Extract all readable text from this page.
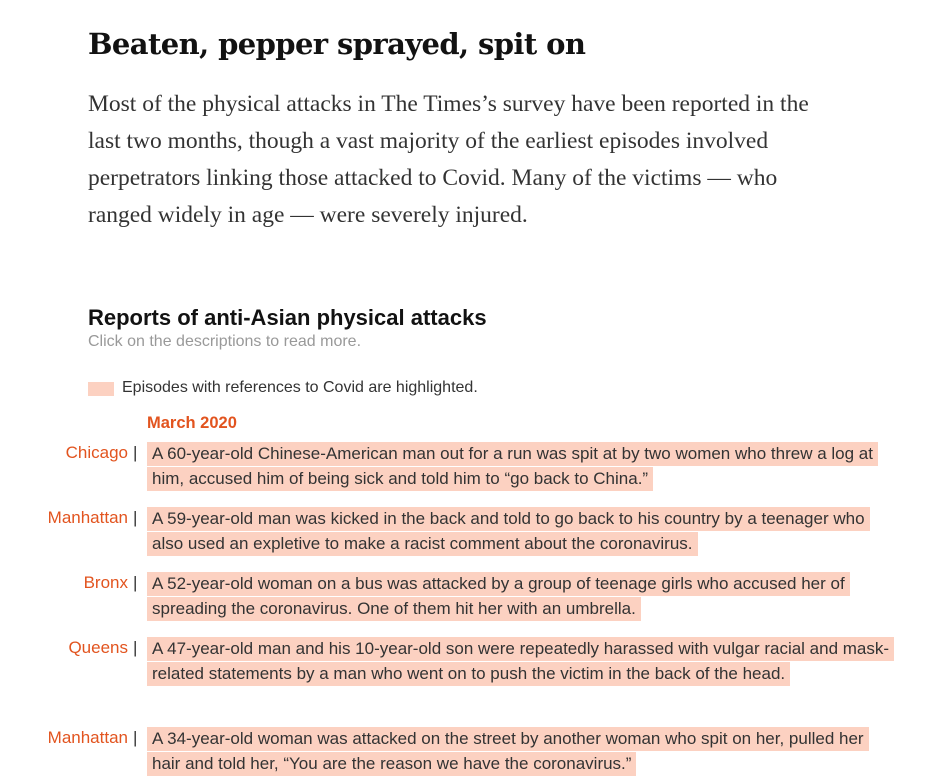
Beaten, pepper sprayed, spit on

Most of the physical attacks in The Times’s survey have been reported in the last two months, though a vast majority of the earliest episodes involved perpetrators linking those attacked to Covid. Many of the victims — who ranged widely in age — were severely injured.

Reports of anti-Asian physical attacks

Click on the descriptions to read more.

Episodes with references to Covid are highlighted.
March 2020
Chicago | A 60-year-old Chinese-American man out for a run was spit at by two women who threw a log at him, accused him of being sick and told him to “go back to China.”

Manhattan | A 59-year-old man was kicked in the back and told to go back to his country by a teenager who also used an expletive to make a racist comment about the coronavirus.

Bronx | A 52-year-old woman on a bus was attacked by a group of teenage girls who accused her of spreading the coronavirus. One of them hit her with an umbrella.

Queens | A 47-year-old man and his 10-year-old son were repeatedly harassed with vulgar racial and mask-related statements by a man who went on to push the victim in the back of the head.

Manhattan | A 34-year-old woman was attacked on the street by another woman who spit on her, pulled her hair and told her, “You are the reason we have the coronavirus.”
